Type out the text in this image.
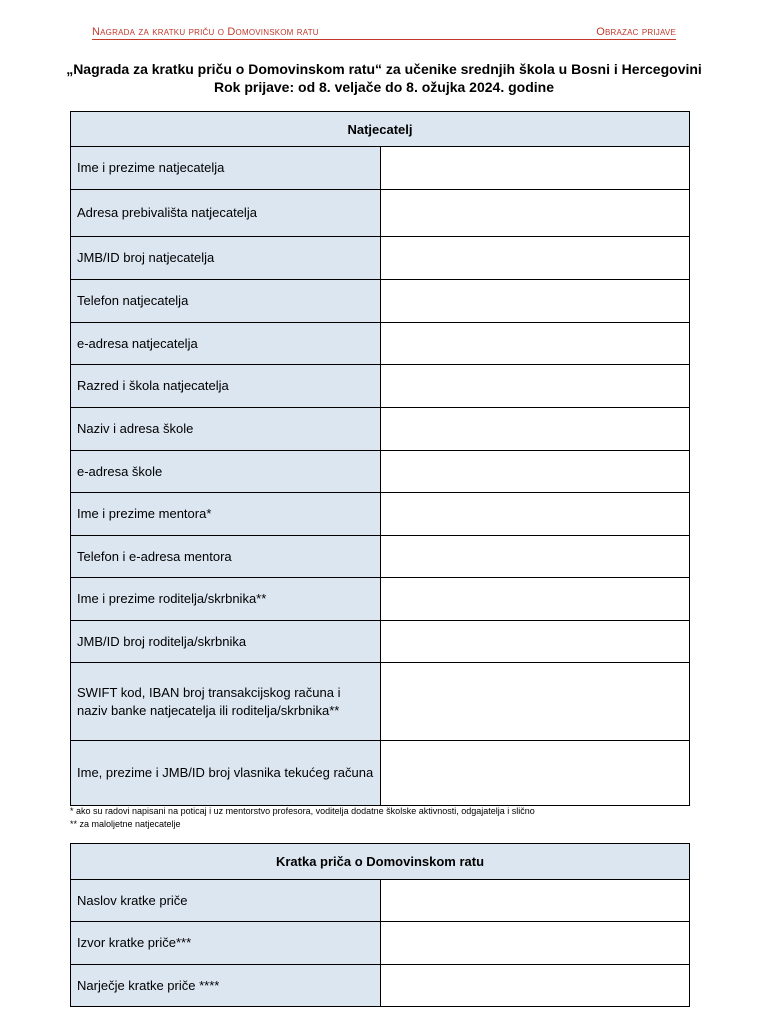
Nagrada za kratku priču o Domovinskom ratu	Obrazac prijave
„Nagrada za kratku priču o Domovinskom ratu“ za učenike srednjih škola u Bosni i Hercegovini
Rok prijave: od 8. veljače do 8. ožujka 2024. godine
Natjecatelj	
Ime i prezime natjecatelja	
Adresa prebivališta natjecatelja	
JMB/ID broj natjecatelja	
Telefon natjecatelja	
e-adresa natjecatelja	
Razred i škola natjecatelja	
Naziv i adresa škole	
e-adresa škole	
Ime i prezime mentora*	
Telefon i e-adresa mentora	
Ime i prezime roditelja/skrbnika**	
JMB/ID broj roditelja/skrbnika	
SWIFT kod, IBAN broj transakcijskog računa i naziv banke natjecatelja ili roditelja/skrbnika**	
Ime, prezime i JMB/ID broj vlasnika tekućeg računa	
* ako su radovi napisani na poticaj i uz mentorstvo profesora, voditelja dodatne školske aktivnosti, odgajatelja i slično
** za maloljetne natjecatelje
Kratka priča o Domovinskom ratu	
Naslov kratke priče	
Izvor kratke priče***	
Narječje kratke priče ****	
